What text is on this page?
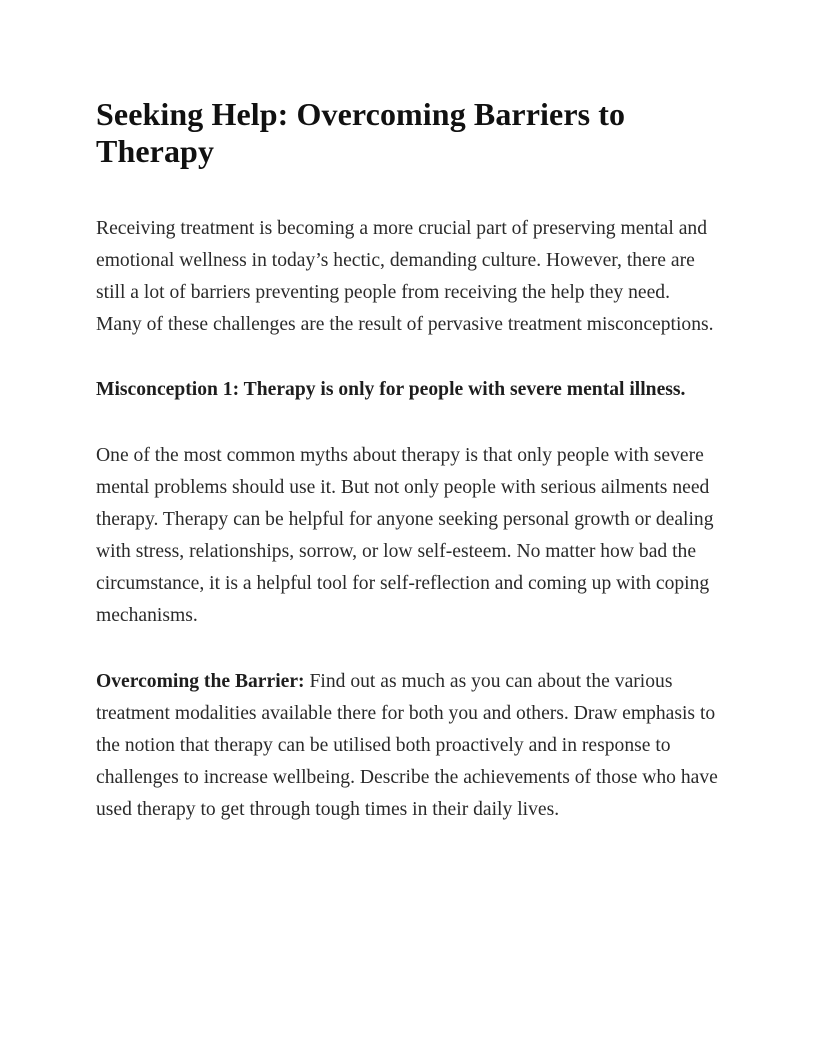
Seeking Help: Overcoming Barriers to Therapy

Receiving treatment is becoming a more crucial part of preserving mental and emotional wellness in today’s hectic, demanding culture. However, there are still a lot of barriers preventing people from receiving the help they need. Many of these challenges are the result of pervasive treatment misconceptions.

Misconception 1: Therapy is only for people with severe mental illness.

One of the most common myths about therapy is that only people with severe mental problems should use it. But not only people with serious ailments need therapy. Therapy can be helpful for anyone seeking personal growth or dealing with stress, relationships, sorrow, or low self-esteem. No matter how bad the circumstance, it is a helpful tool for self-reflection and coming up with coping mechanisms.

Overcoming the Barrier: Find out as much as you can about the various treatment modalities available there for both you and others. Draw emphasis to the notion that therapy can be utilised both proactively and in response to challenges to increase wellbeing. Describe the achievements of those who have used therapy to get through tough times in their daily lives.
